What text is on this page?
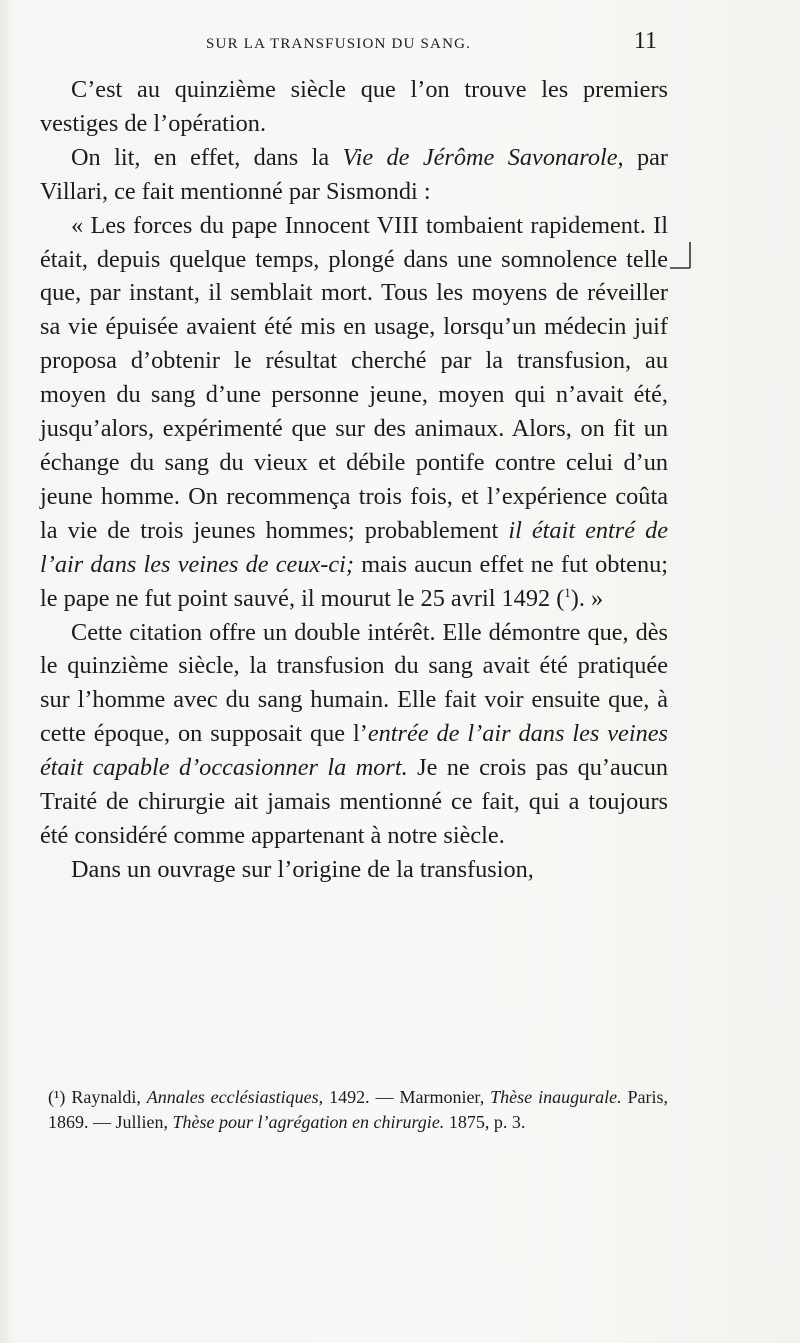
SUR LA TRANSFUSION DU SANG.	11

C’est au quinzième siècle que l’on trouve les premiers vestiges de l’opération.

On lit, en effet, dans la Vie de Jérôme Savonarole, par Villari, ce fait mentionné par Sismondi :

« Les forces du pape Innocent VIII tombaient rapidement. Il était, depuis quelque temps, plongé dans une somnolence telle que, par instant, il semblait mort. Tous les moyens de réveiller sa vie épuisée avaient été mis en usage, lorsqu’un médecin juif proposa d’obtenir le résultat cherché par la transfusion, au moyen du sang d’une personne jeune, moyen qui n’avait été, jusqu’alors, expérimenté que sur des animaux. Alors, on fit un échange du sang du vieux et débile pontife contre celui d’un jeune homme. On recommença trois fois, et l’expérience coûta la vie de trois jeunes hommes; probablement il était entré de l’air dans les veines de ceux-ci; mais aucun effet ne fut obtenu; le pape ne fut point sauvé, il mourut le 25 avril 1492 ($^1$). »

Cette citation offre un double intérêt. Elle démontre que, dès le quinzième siècle, la transfusion du sang avait été pratiquée sur l’homme avec du sang humain. Elle fait voir ensuite que, à cette époque, on supposait que l’entrée de l’air dans les veines était capable d’occasionner la mort. Je ne crois pas qu’aucun Traité de chirurgie ait jamais mentionné ce fait, qui a toujours été considéré comme appartenant à notre siècle.

Dans un ouvrage sur l’origine de la transfusion,

(¹) Raynaldi, Annales ecclésiastiques, 1492. — Marmonier, Thèse inaugurale. Paris, 1869. — Jullien, Thèse pour l’agrégation en chirurgie. 1875, p. 3.
